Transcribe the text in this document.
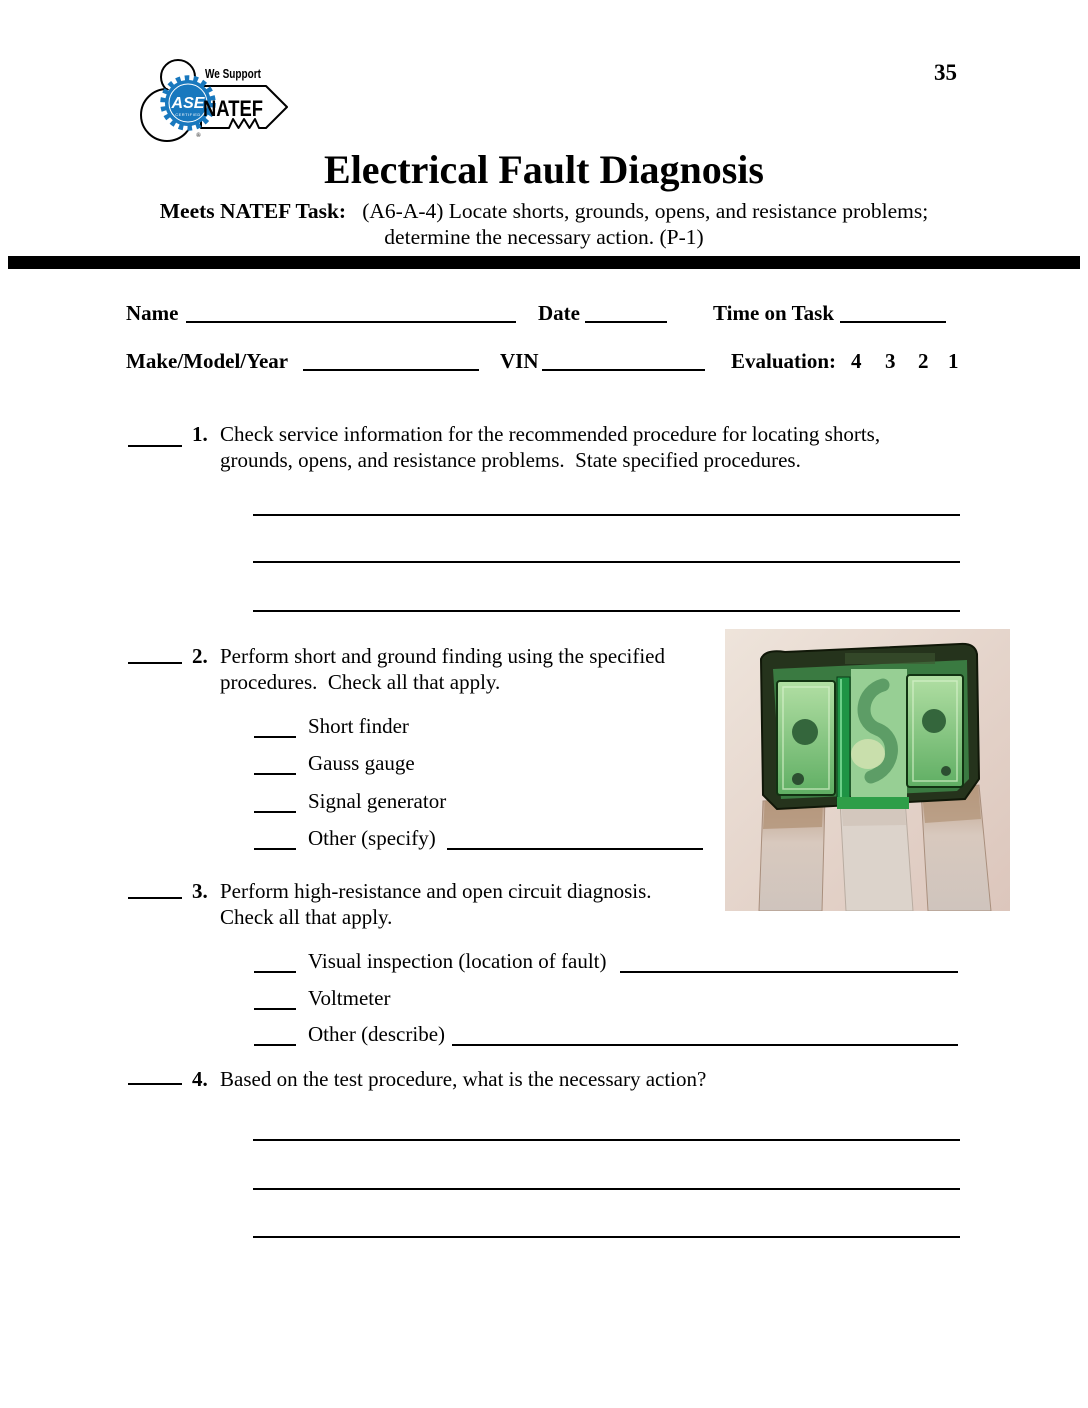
35
ASE
CERTIFIED
We Support
NATEF
®
Electrical Fault Diagnosis
Meets NATEF Task: (A6-A-4) Locate shorts, grounds, opens, and resistance problems;
determine the necessary action. (P-1)
Name	Date	Time on Task
Make/Model/Year	VIN	Evaluation: 4 3 2 1
1. Check service information for the recommended procedure for locating shorts, grounds, opens, and resistance problems.  State specified procedures.
2. Perform short and ground finding using the specified procedures.  Check all that apply.
Short finder
Gauss gauge
Signal generator
Other (specify)
3. Perform high-resistance and open circuit diagnosis. Check all that apply.
Visual inspection (location of fault)
Voltmeter
Other (describe)
4. Based on the test procedure, what is the necessary action?
